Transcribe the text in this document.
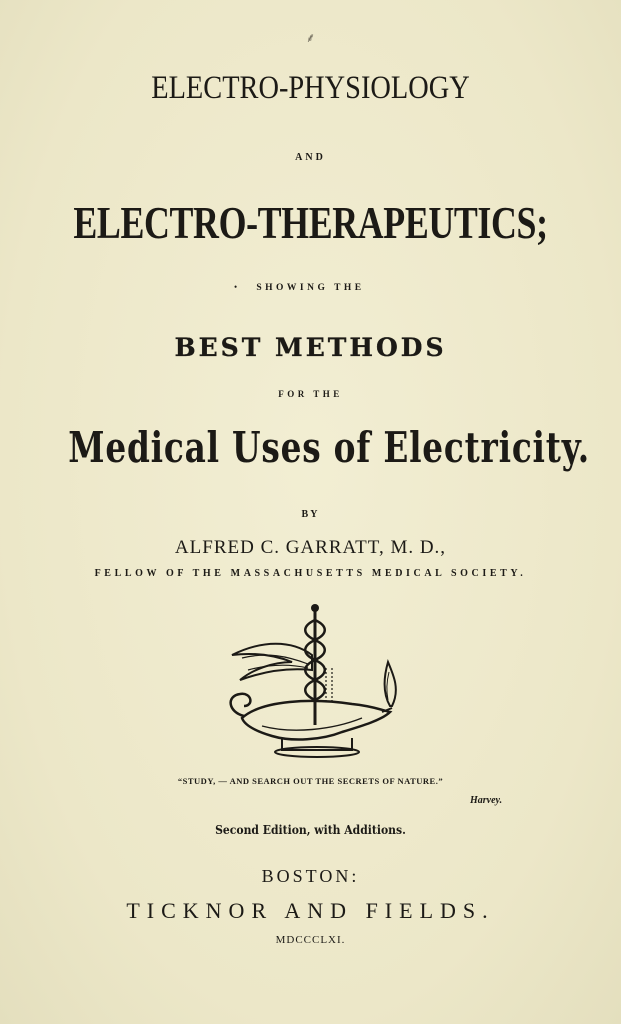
⸙
ELECTRO-PHYSIOLOGY
AND
ELECTRO-THERAPEUTICS;
•	SHOWING THE
BEST METHODS
FOR THE
Medical Uses of Electricity.
BY
ALFRED C. GARRATT, M. D.,
FELLOW OF THE MASSACHUSETTS MEDICAL SOCIETY.
“STUDY, — AND SEARCH OUT THE SECRETS OF NATURE.”
Harvey.
Second Edition, with Additions.
BOSTON:
TICKNOR AND FIELDS.
MDCCCLXI.
